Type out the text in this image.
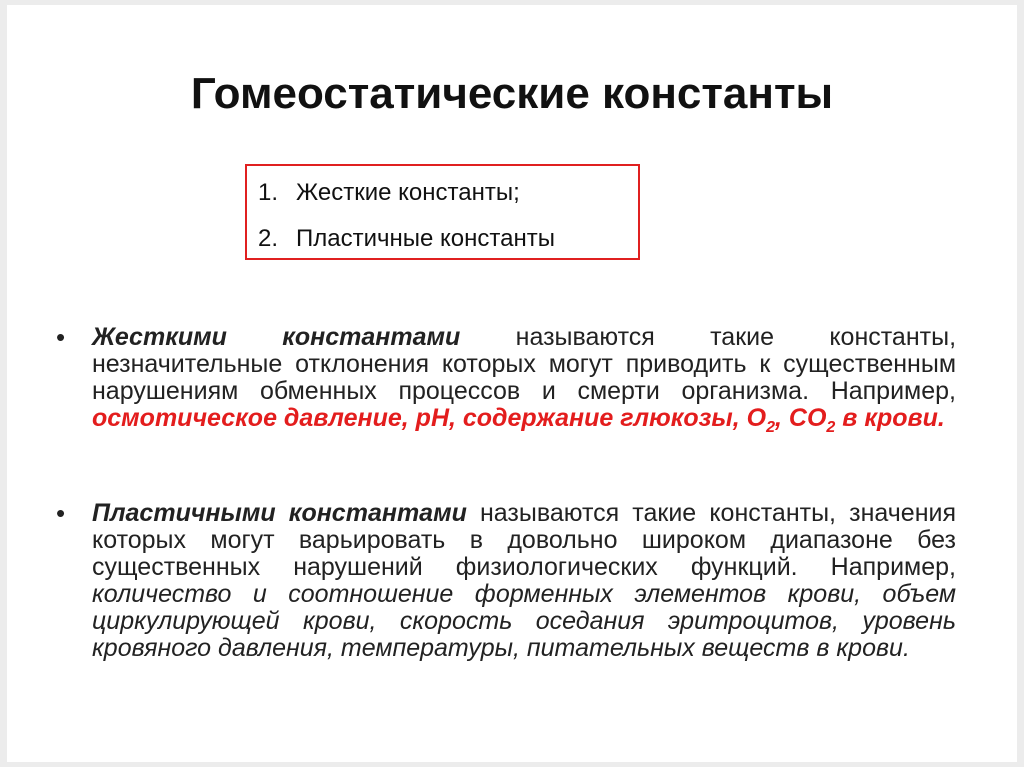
Гомеостатические константы
1. Жесткие константы;
2. Пластичные константы
• Жесткими константами называются такие константы, незначительные отклонения которых могут приводить к существенным нарушениям обменных процессов и смерти организма. Например, осмотическое давление, pH, содержание глюкозы, $O_2$, $CO_2$ в крови.

• Пластичными константами называются такие константы, значения которых могут варьировать в довольно широком диапазоне без существенных нарушений физиологических функций. Например, количество и соотношение форменных элементов крови, объем циркулирующей крови, скорость оседания эритроцитов, уровень кровяного давления, температуры, питательных веществ в крови.
